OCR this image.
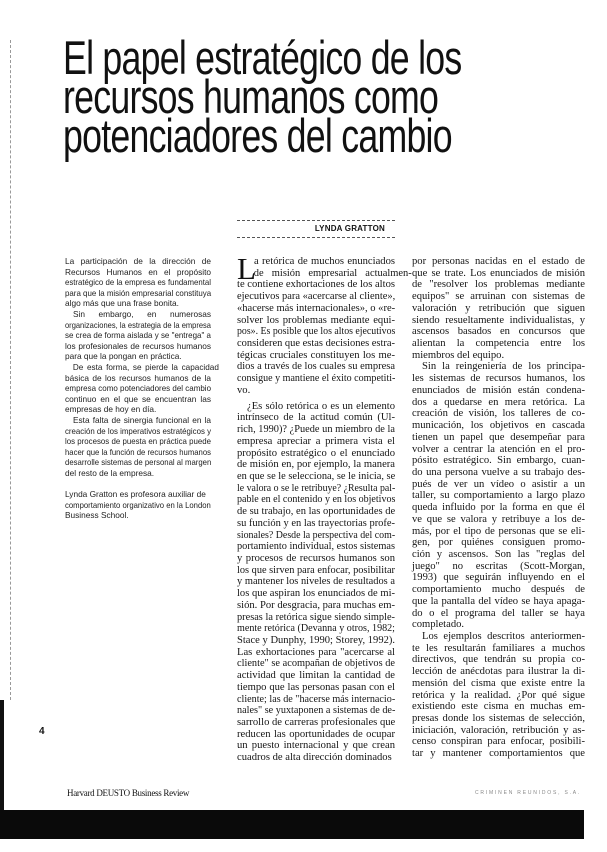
El papel estratégico de los
recursos humanos como
potenciadores del cambio
LYNDA GRATTON
La participación de la dirección de
Recursos Humanos en el propósito
estratégico de la empresa es fundamental
para que la misión empresarial constituya
algo más que una frase bonita.
Sin embargo, en numerosas
organizaciones, la estrategia de la empresa
se crea de forma aislada y se "entrega" a
los profesionales de recursos humanos
para que la pongan en práctica.
De esta forma, se pierde la capacidad
básica de los recursos humanos de la
empresa como potenciadores del cambio
continuo en el que se encuentran las
empresas de hoy en día.
Esta falta de sinergia funcional en la
creación de los imperativos estratégicos y
los procesos de puesta en práctica puede
hacer que la función de recursos humanos
desarrolle sistemas de personal al margen
del resto de la empresa.
Lynda Gratton es profesora auxiliar de
comportamiento organizativo en la London
Business School.
L
a retórica de muchos enunciados
de misión empresarial actualmen-
te contiene exhortaciones de los altos
ejecutivos para «acercarse al cliente»,
«hacerse más internacionales», o «re-
solver los problemas mediante equi-
pos». Es posible que los altos ejecutivos
consideren que estas decisiones estra-
tégicas cruciales constituyen los me-
dios a través de los cuales su empresa
consigue y mantiene el éxito competiti-
vo.
¿Es sólo retórica o es un elemento
intrínseco de la actitud común (Ul-
rich, 1990)? ¿Puede un miembro de la
empresa apreciar a primera vista el
propósito estratégico o el enunciado
de misión en, por ejemplo, la manera
en que se le selecciona, se le inicia, se
le valora o se le retribuye? ¿Resulta pal-
pable en el contenido y en los objetivos
de su trabajo, en las oportunidades de
su función y en las trayectorias profe-
sionales? Desde la perspectiva del com-
portamiento individual, estos sistemas
y procesos de recursos humanos son
los que sirven para enfocar, posibilitar
y mantener los niveles de resultados a
los que aspiran los enunciados de mi-
sión. Por desgracia, para muchas em-
presas la retórica sigue siendo simple-
mente retórica (Devanna y otros, 1982;
Stace y Dunphy, 1990; Storey, 1992).
Las exhortaciones para "acercarse al
cliente" se acompañan de objetivos de
actividad que limitan la cantidad de
tiempo que las personas pasan con el
cliente; las de "hacerse más internacio-
nales" se yuxtaponen a sistemas de de-
sarrollo de carreras profesionales que
reducen las oportunidades de ocupar
un puesto internacional y que crean
cuadros de alta dirección dominados
por personas nacidas en el estado de
que se trate. Los enunciados de misión
de "resolver los problemas mediante
equipos" se arruinan con sistemas de
valoración y retribución que siguen
siendo resueltamente individualistas, y
ascensos basados en concursos que
alientan la competencia entre los
miembros del equipo.
Sin la reingeniería de los principa-
les sistemas de recursos humanos, los
enunciados de misión están condena-
dos a quedarse en mera retórica. La
creación de visión, los talleres de co-
municación, los objetivos en cascada
tienen un papel que desempeñar para
volver a centrar la atención en el pro-
pósito estratégico. Sin embargo, cuan-
do una persona vuelve a su trabajo des-
pués de ver un vídeo o asistir a un
taller, su comportamiento a largo plazo
queda influido por la forma en que él
ve que se valora y retribuye a los de-
más, por el tipo de personas que se eli-
gen, por quiénes consiguen promo-
ción y ascensos. Son las "reglas del
juego" no escritas (Scott-Morgan,
1993) que seguirán influyendo en el
comportamiento mucho después de
que la pantalla del vídeo se haya apaga-
do o el programa del taller se haya
completado.
Los ejemplos descritos anteriormen-
te les resultarán familiares a muchos
directivos, que tendrán su propia co-
lección de anécdotas para ilustrar la di-
mensión del cisma que existe entre la
retórica y la realidad. ¿Por qué sigue
existiendo este cisma en muchas em-
presas donde los sistemas de selección,
iniciación, valoración, retribución y as-
censo conspiran para enfocar, posibili-
tar y mantener comportamientos que
4
Harvard DEUSTO Business Review	CRIMINEN REUNIDOS, S.A.
